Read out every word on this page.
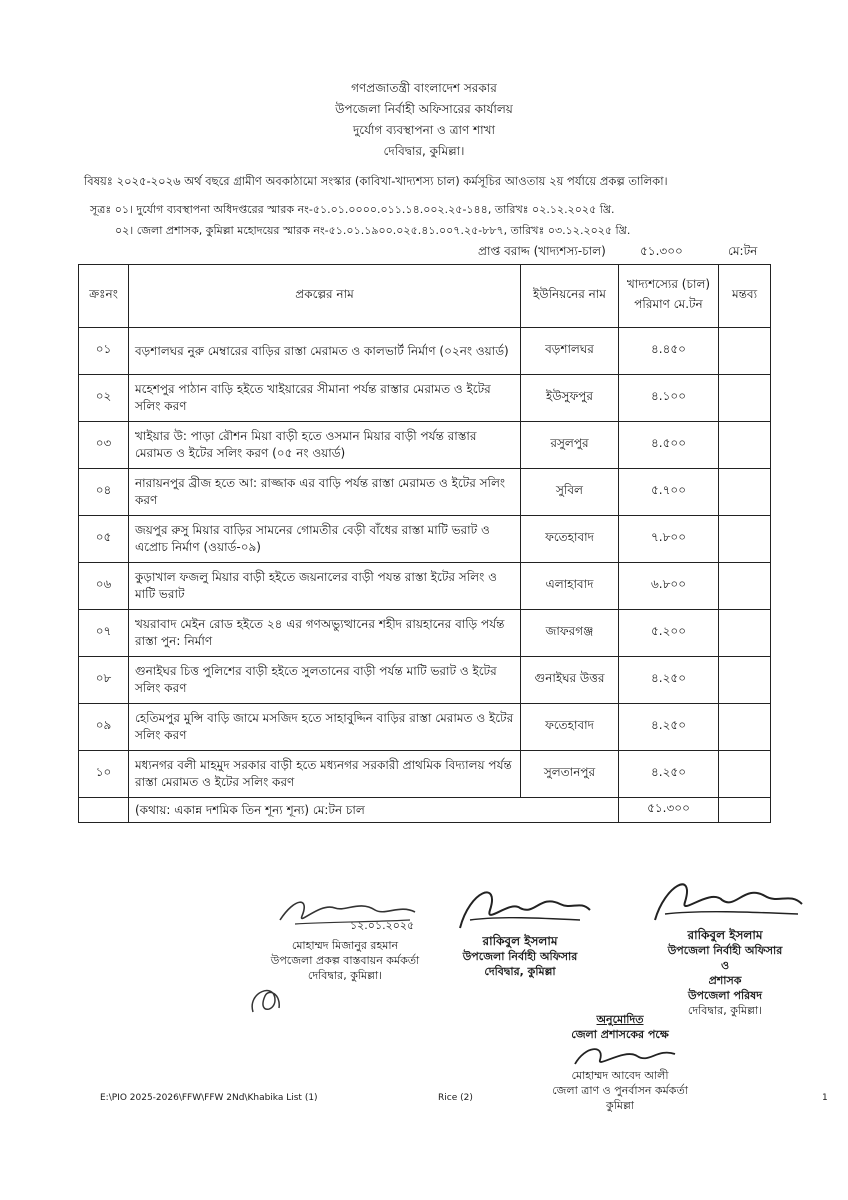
গণপ্রজাতন্ত্রী বাংলাদেশ সরকার
উপজেলা নির্বাহী অফিসারের কার্যালয়
দুর্যোগ ব্যবস্থাপনা ও ত্রাণ শাখা
দেবিদ্বার, কুমিল্লা।
বিষয়ঃ ২০২৫-২০২৬ অর্থ বছরে গ্রামীণ অবকাঠামো সংস্কার (কাবিখা-খাদ্যশস্য চাল) কর্মসূচির আওতায় ২য় পর্যায়ে প্রকল্প তালিকা।
সূত্রঃ ০১। দুর্যোগ ব্যবস্থাপনা অধিদপ্তরের স্মারক নং-৫১.০১.০০০০.০১১.১৪.০০২.২৫-১৪৪, তারিখঃ ০২.১২.২০২৫ খ্রি.
০২। জেলা প্রশাসক, কুমিল্লা মহোদয়ের স্মারক নং-৫১.০১.১৯০০.০২৫.৪১.০০৭.২৫-৮৮৭, তারিখঃ ০৩.১২.২০২৫ খ্রি.
প্রাপ্ত বরাদ্দ (খাদ্যশস্য-চাল)	৫১.৩০০	মে:টন
ক্রঃনং	প্রকল্পের নাম	ইউনিয়নের নাম	খাদ্যশস্যের (চাল)
পরিমাণ মে.টন	মন্তব্য
০১	বড়শালঘর নুরু মেম্বারের বাড়ির রাস্তা মেরামত ও কালভার্ট নির্মাণ (০২নং ওয়ার্ড)	বড়শালঘর	৪.৪৫০	
০২	মহেশপুর পাঠান বাড়ি হইতে খাইয়ারের সীমানা পর্যন্ত রাস্তার মেরামত ও ইটের সলিং করণ	ইউসুফপুর	৪.১০০	
০৩	খাইয়ার উ: পাড়া রৌশন মিয়া বাড়ী হতে ওসমান মিয়ার বাড়ী পর্যন্ত রাস্তার মেরামত ও ইটের সলিং করণ (০৫ নং ওয়ার্ড)	রসুলপুর	৪.৫০০	
০৪	নারায়নপুর ব্রীজ হতে আ: রাজ্জাক এর বাড়ি পর্যন্ত রাস্তা মেরামত ও ইটের সলিং করণ	সুবিল	৫.৭০০	
০৫	জয়পুর রুসু মিয়ার বাড়ির সামনের গোমতীর বেড়ী বাঁধের রাস্তা মাটি ভরাট ও এপ্রোচ নির্মাণ (ওয়ার্ড-০৯)	ফতেহাবাদ	৭.৮০০	
০৬	কুড়াখাল ফজলু মিয়ার বাড়ী হইতে জয়নালের বাড়ী পযন্ত রাস্তা ইটের সলিং ও মাটি ভরাট	এলাহাবাদ	৬.৮০০	
০৭	খয়রাবাদ মেইন রোড হইতে ২৪ এর গণঅভ্যুত্থানের শহীদ রায়হানের বাড়ি পর্যন্ত রাস্তা পুন: নির্মাণ	জাফরগঞ্জ	৫.২০০	
০৮	গুনাইঘর চিত্ত পুলিশের বাড়ী হইতে সুলতানের বাড়ী পর্যন্ত মাটি ভরাট ও ইটের সলিং করণ	গুনাইঘর উত্তর	৪.২৫০	
০৯	হেতিমপুর মুন্সি বাড়ি জামে মসজিদ হতে সাহাবুদ্দিন বাড়ির রাস্তা মেরামত ও ইটের সলিং করণ	ফতেহাবাদ	৪.২৫০	
১০	মধ্যনগর বলী মাহমুদ সরকার বাড়ী হতে মধ্যনগর সরকারী প্রাথমিক বিদ্যালয় পর্যন্ত রাস্তা মেরামত ও ইটের সলিং করণ	সুলতানপুর	৪.২৫০	
	(কথায়: একান্ন দশমিক তিন শূন্য শূন্য) মে:টন চাল		৫১.৩০০	
১২.০১.২০২৫
মোহাম্মদ মিজানুর রহমান
উপজেলা প্রকল্প বাস্তবায়ন কর্মকর্তা
দেবিদ্বার, কুমিল্লা।
রাকিবুল ইসলাম
উপজেলা নির্বাহী অফিসার
দেবিদ্বার, কুমিল্লা
রাকিবুল ইসলাম
উপজেলা নির্বাহী অফিসার
ও
প্রশাসক
উপজেলা পরিষদ
দেবিদ্বার, কুমিল্লা।
অনুমোদিত
জেলা প্রশাসকের পক্ষে
মোহাম্মদ আবেদ আলী
জেলা ত্রাণ ও পুনর্বাসন কর্মকর্তা
কুমিল্লা
E:\PIO 2025-2026\FFW\FFW 2Nd\Khabika List (1)	Rice (2)	1
